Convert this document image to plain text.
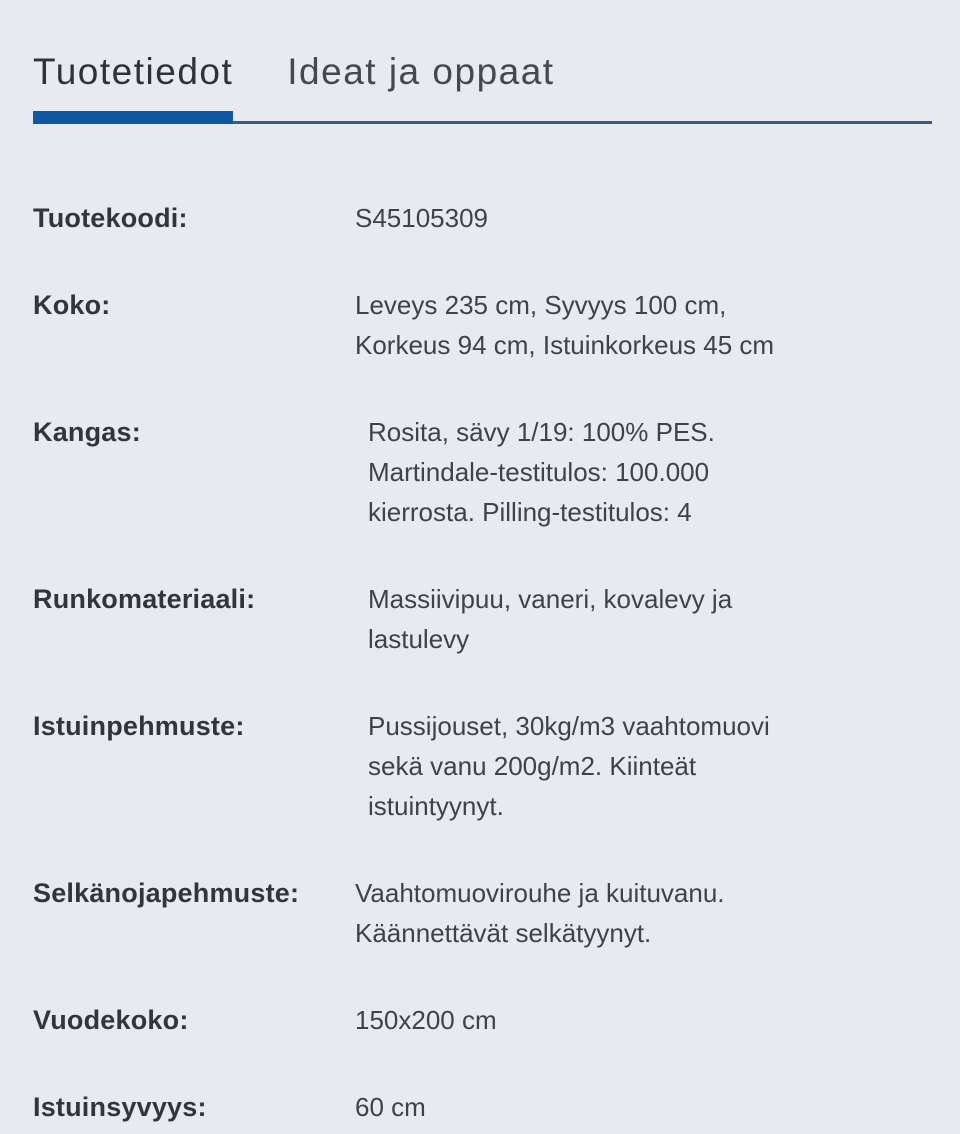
Tuotetiedot Ideat ja oppaat
Tuotekoodi:	S45105309
Koko:	Leveys 235 cm, Syvyys 100 cm, Korkeus 94 cm, Istuinkorkeus 45 cm
Kangas:	Rosita, sävy 1/19: 100% PES. Martindale-testitulos: 100.000 kierrosta. Pilling-testitulos: 4
Runkomateriaali:	Massiivipuu, vaneri, kovalevy ja lastulevy
Istuinpehmuste:	Pussijouset, 30kg/m3 vaahtomuovi sekä vanu 200g/m2. Kiinteät istuintyynyt.
Selkänojapehmuste:	Vaahtomuovirouhe ja kuituvanu. Käännettävät selkätyynyt.
Vuodekoko:	150x200 cm
Istuinsyvyys:	60 cm
